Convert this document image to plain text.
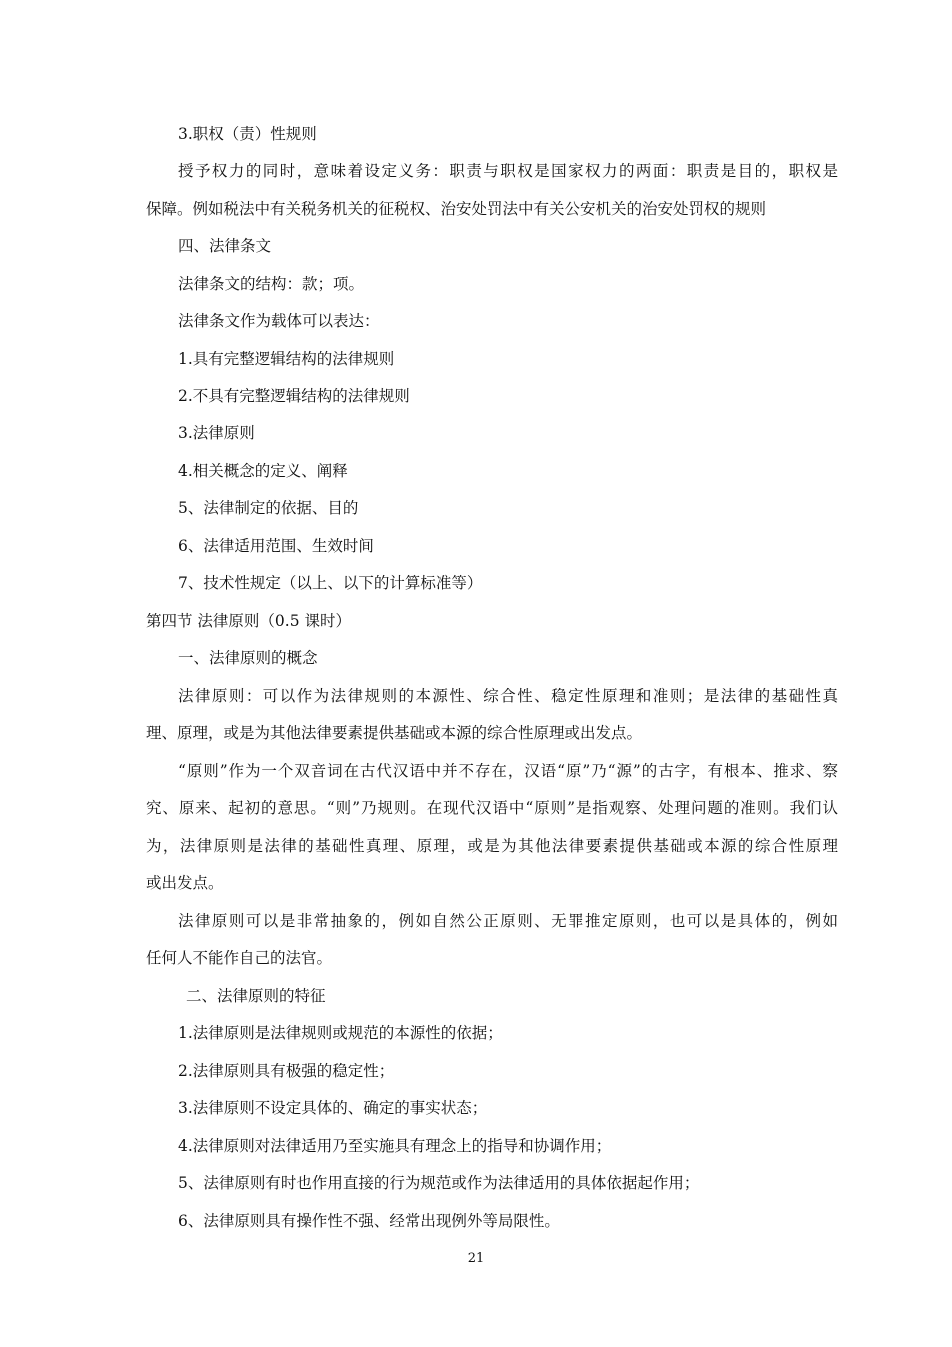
3.职权（责）性规则

授予权力的同时，意味着设定义务：职责与职权是国家权力的两面：职责是目的，职权是

保障。例如税法中有关税务机关的征税权、治安处罚法中有关公安机关的治安处罚权的规则

四、法律条文

法律条文的结构：款；项。

法律条文作为载体可以表达：

1.具有完整逻辑结构的法律规则

2.不具有完整逻辑结构的法律规则

3.法律原则

4.相关概念的定义、阐释

5、法律制定的依据、目的

6、法律适用范围、生效时间

7、技术性规定（以上、以下的计算标准等）

第四节 法律原则（0.5 课时）

一、法律原则的概念

法律原则：可以作为法律规则的本源性、综合性、稳定性原理和准则；是法律的基础性真

理、原理，或是为其他法律要素提供基础或本源的综合性原理或出发点。

“原则”作为一个双音词在古代汉语中并不存在，汉语“原”乃“源”的古字，有根本、推求、察

究、原来、起初的意思。“则”乃规则。在现代汉语中“原则”是指观察、处理问题的准则。我们认

为，法律原则是法律的基础性真理、原理，或是为其他法律要素提供基础或本源的综合性原理

或出发点。

法律原则可以是非常抽象的，例如自然公正原则、无罪推定原则，也可以是具体的，例如

任何人不能作自己的法官。

二、法律原则的特征

1.法律原则是法律规则或规范的本源性的依据；

2.法律原则具有极强的稳定性；

3.法律原则不设定具体的、确定的事实状态；

4.法律原则对法律适用乃至实施具有理念上的指导和协调作用；

5、法律原则有时也作用直接的行为规范或作为法律适用的具体依据起作用；

6、法律原则具有操作性不强、经常出现例外等局限性。

21
